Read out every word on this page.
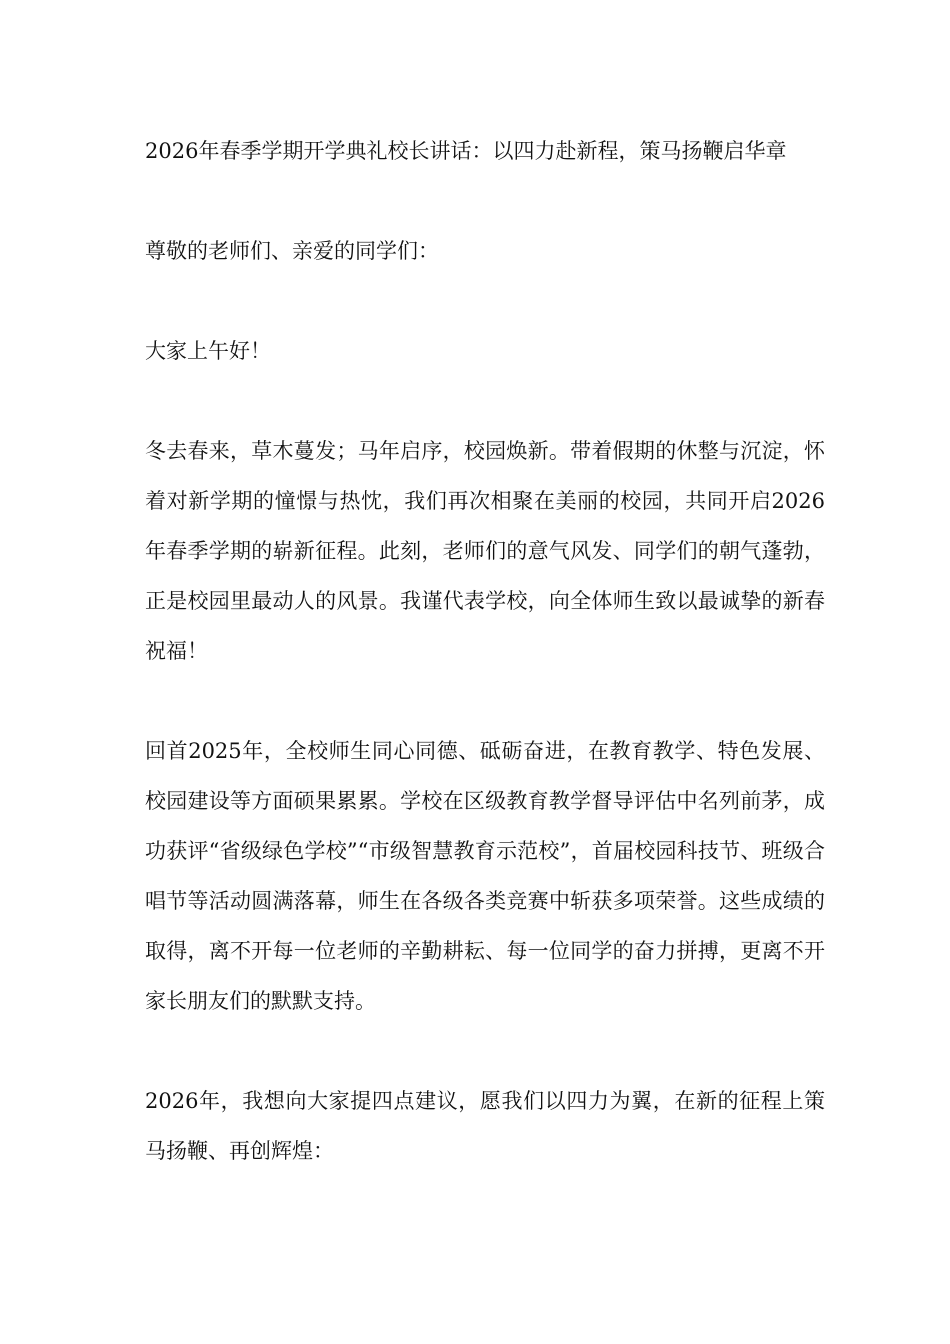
2026年春季学期开学典礼校长讲话：以四力赴新程，策马扬鞭启华章

尊敬的老师们、亲爱的同学们：

大家上午好！

冬去春来，草木蔓发；马年启序，校园焕新。带着假期的休整与沉淀，怀着对新学期的憧憬与热忱，我们再次相聚在美丽的校园，共同开启2026年春季学期的崭新征程。此刻，老师们的意气风发、同学们的朝气蓬勃，正是校园里最动人的风景。我谨代表学校，向全体师生致以最诚挚的新春祝福！

回首2025年，全校师生同心同德、砥砺奋进，在教育教学、特色发展、校园建设等方面硕果累累。学校在区级教育教学督导评估中名列前茅，成功获评“省级绿色学校”“市级智慧教育示范校”，首届校园科技节、班级合唱节等活动圆满落幕，师生在各级各类竞赛中斩获多项荣誉。这些成绩的取得，离不开每一位老师的辛勤耕耘、每一位同学的奋力拼搏，更离不开家长朋友们的默默支持。

2026年，我想向大家提四点建议，愿我们以四力为翼，在新的征程上策马扬鞭、再创辉煌：
